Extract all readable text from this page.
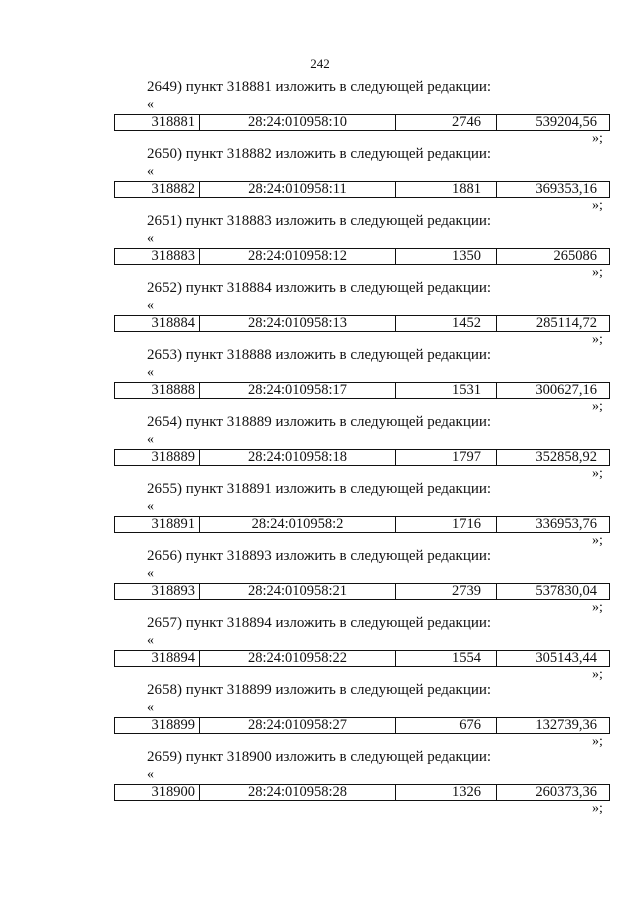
242
2649) пункт 318881 изложить в следующей редакции:
«
318881	28:24:010958:10	2746	539204,56
»;
2650) пункт 318882 изложить в следующей редакции:
«
318882	28:24:010958:11	1881	369353,16
»;
2651) пункт 318883 изложить в следующей редакции:
«
318883	28:24:010958:12	1350	265086
»;
2652) пункт 318884 изложить в следующей редакции:
«
318884	28:24:010958:13	1452	285114,72
»;
2653) пункт 318888 изложить в следующей редакции:
«
318888	28:24:010958:17	1531	300627,16
»;
2654) пункт 318889 изложить в следующей редакции:
«
318889	28:24:010958:18	1797	352858,92
»;
2655) пункт 318891 изложить в следующей редакции:
«
318891	28:24:010958:2	1716	336953,76
»;
2656) пункт 318893 изложить в следующей редакции:
«
318893	28:24:010958:21	2739	537830,04
»;
2657) пункт 318894 изложить в следующей редакции:
«
318894	28:24:010958:22	1554	305143,44
»;
2658) пункт 318899 изложить в следующей редакции:
«
318899	28:24:010958:27	676	132739,36
»;
2659) пункт 318900 изложить в следующей редакции:
«
318900	28:24:010958:28	1326	260373,36
»;
